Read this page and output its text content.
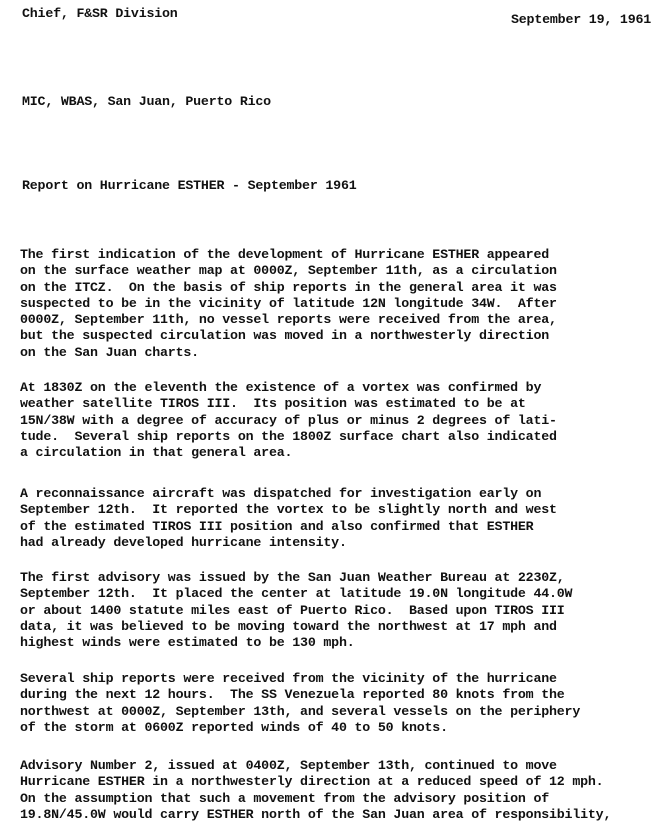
Chief, F&SR Division	September 19, 1961
MIC, WBAS, San Juan, Puerto Rico
Report on Hurricane ESTHER - September 1961
The first indication of the development of Hurricane ESTHER appeared
on the surface weather map at 0000Z, September 11th, as a circulation
on the ITCZ.  On the basis of ship reports in the general area it was
suspected to be in the vicinity of latitude 12N longitude 34W.  After
0000Z, September 11th, no vessel reports were received from the area,
but the suspected circulation was moved in a northwesterly direction
on the San Juan charts.
At 1830Z on the eleventh the existence of a vortex was confirmed by
weather satellite TIROS III.  Its position was estimated to be at
15N/38W with a degree of accuracy of plus or minus 2 degrees of lati-
tude.  Several ship reports on the 1800Z surface chart also indicated
a circulation in that general area.
A reconnaissance aircraft was dispatched for investigation early on
September 12th.  It reported the vortex to be slightly north and west
of the estimated TIROS III position and also confirmed that ESTHER
had already developed hurricane intensity.
The first advisory was issued by the San Juan Weather Bureau at 2230Z,
September 12th.  It placed the center at latitude 19.0N longitude 44.0W
or about 1400 statute miles east of Puerto Rico.  Based upon TIROS III
data, it was believed to be moving toward the northwest at 17 mph and
highest winds were estimated to be 130 mph.
Several ship reports were received from the vicinity of the hurricane
during the next 12 hours.  The SS Venezuela reported 80 knots from the
northwest at 0000Z, September 13th, and several vessels on the periphery
of the storm at 0600Z reported winds of 40 to 50 knots.
Advisory Number 2, issued at 0400Z, September 13th, continued to move
Hurricane ESTHER in a northwesterly direction at a reduced speed of 12 mph.
On the assumption that such a movement from the advisory position of
19.8N/45.0W would carry ESTHER north of the San Juan area of responsibility,
